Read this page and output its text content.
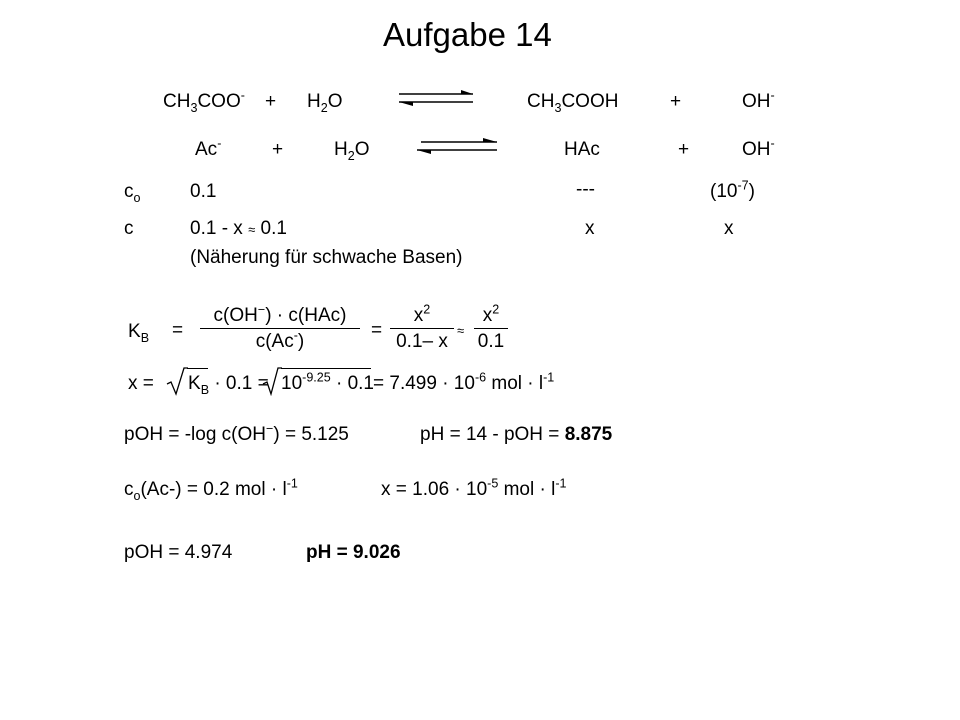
Aufgabe 14
$CH_3COO^- + H_2O$	$CH_3COOH$	+	OH-
Ac-	+	$H_2O$	HAc	+	OH-
$c_o$	0.1	---	$(10^{-7})$
c	0.1 - x ≈ 0.1	x	x
(Näherung für schwache Basen)
$K_B$ =
c(OH−) · c(HAc)
c(Ac-)
=
$x^2$
0.1– x
≈
$x^2$
0.1
$x = K_B \cdot 0.1 = 10^{-9.25} \cdot 0.1$
= $7.499 \cdot 10^{-6}$ mol · $l^{-1}$
pOH = -log c(OH−) = 5.125	pH = 14 - pOH = 8.875
$c_o(Ac-) = 0.2$ mol · $l^{-1}$	$x = 1.06 \cdot 10^{-5}$ mol · $l^{-1}$
pOH = 4.974	pH = 9.026
